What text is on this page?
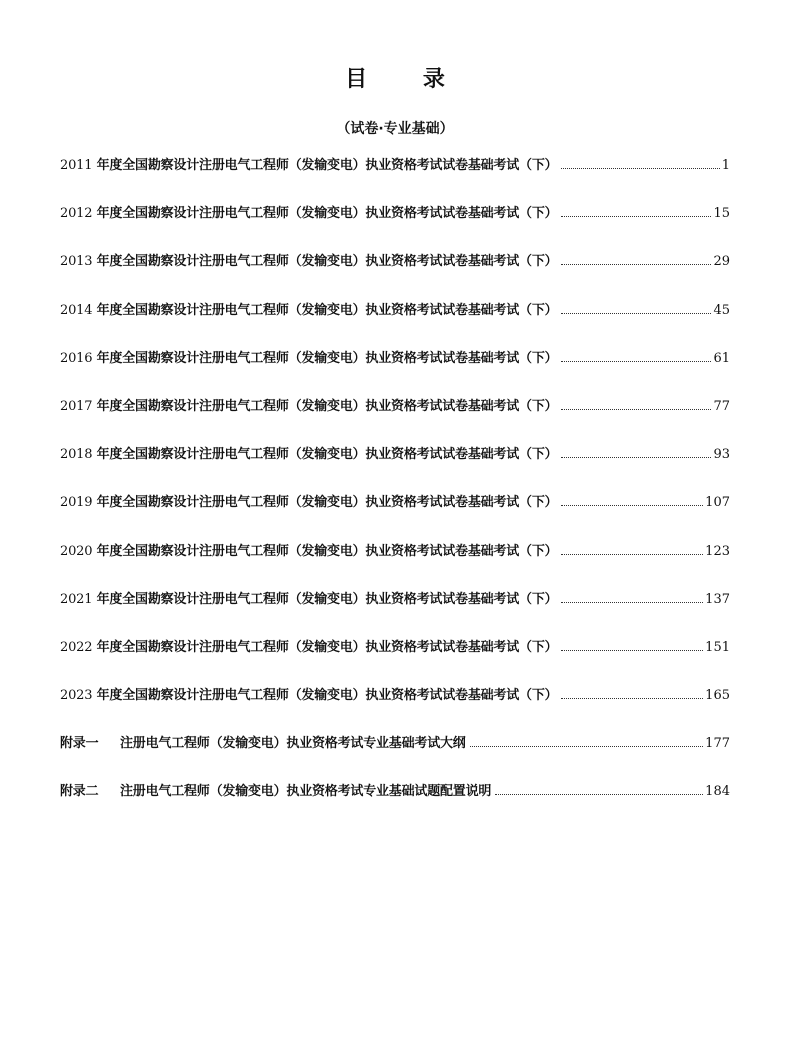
目 录
（试卷·专业基础）
2011 年度全国勘察设计注册电气工程师（发输变电）执业资格考试试卷基础考试（下）	1
2012 年度全国勘察设计注册电气工程师（发输变电）执业资格考试试卷基础考试（下）	15
2013 年度全国勘察设计注册电气工程师（发输变电）执业资格考试试卷基础考试（下）	29
2014 年度全国勘察设计注册电气工程师（发输变电）执业资格考试试卷基础考试（下）	45
2016 年度全国勘察设计注册电气工程师（发输变电）执业资格考试试卷基础考试（下）	61
2017 年度全国勘察设计注册电气工程师（发输变电）执业资格考试试卷基础考试（下）	77
2018 年度全国勘察设计注册电气工程师（发输变电）执业资格考试试卷基础考试（下）	93
2019 年度全国勘察设计注册电气工程师（发输变电）执业资格考试试卷基础考试（下）	107
2020 年度全国勘察设计注册电气工程师（发输变电）执业资格考试试卷基础考试（下）	123
2021 年度全国勘察设计注册电气工程师（发输变电）执业资格考试试卷基础考试（下）	137
2022 年度全国勘察设计注册电气工程师（发输变电）执业资格考试试卷基础考试（下）	151
2023 年度全国勘察设计注册电气工程师（发输变电）执业资格考试试卷基础考试（下）	165
附录一 注册电气工程师（发输变电）执业资格考试专业基础考试大纲	177
附录二 注册电气工程师（发输变电）执业资格考试专业基础试题配置说明	184
